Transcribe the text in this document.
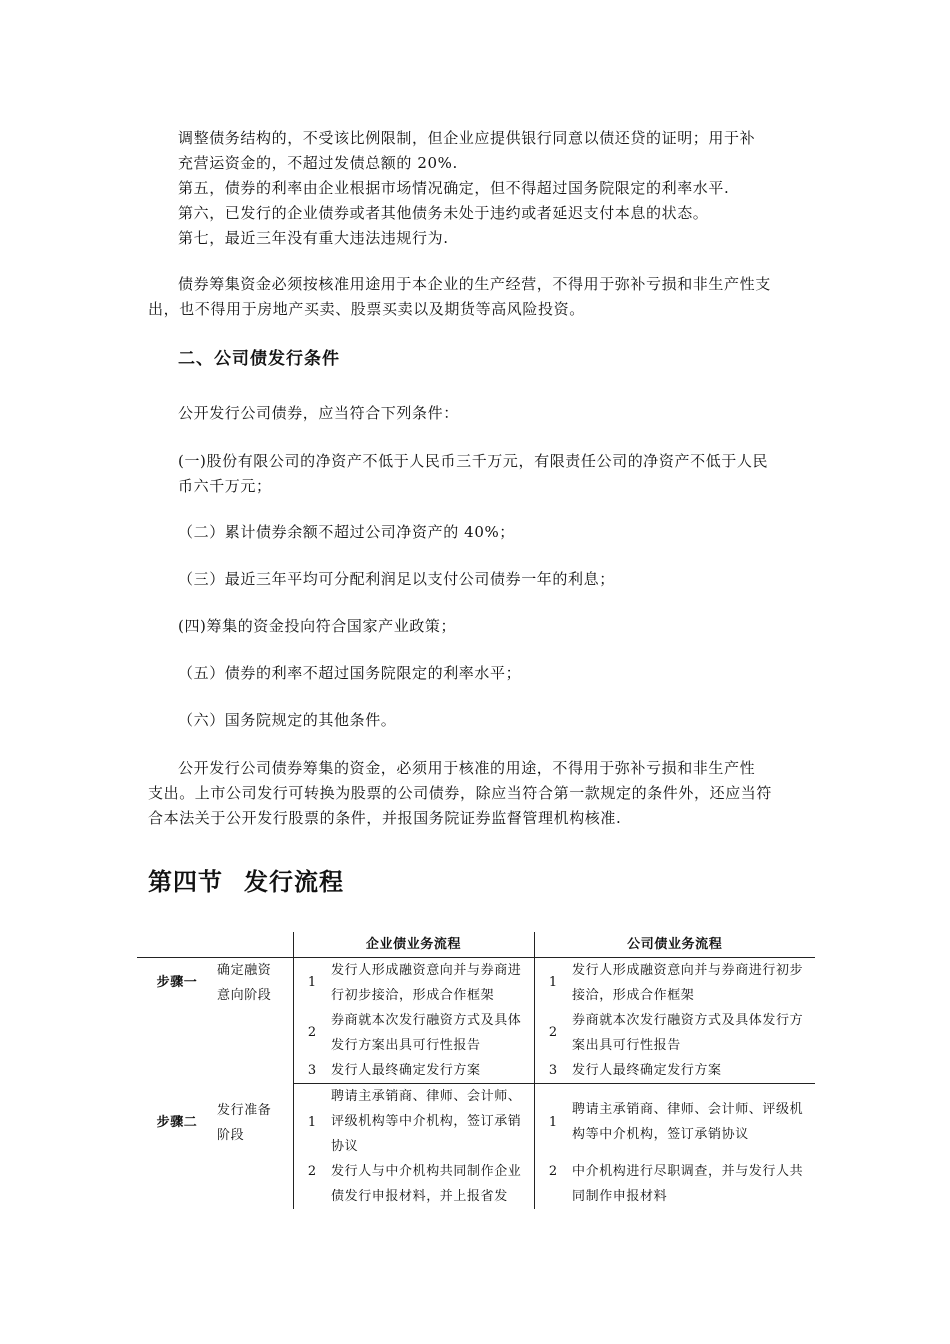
调整债务结构的，不受该比例限制，但企业应提供银行同意以债还贷的证明；用于补
充营运资金的，不超过发债总额的 20%.
第五，债券的利率由企业根据市场情况确定，但不得超过国务院限定的利率水平.
第六，已发行的企业债券或者其他债务未处于违约或者延迟支付本息的状态。
第七，最近三年没有重大违法违规行为.
债券筹集资金必须按核准用途用于本企业的生产经营，不得用于弥补亏损和非生产性支
出，也不得用于房地产买卖、股票买卖以及期货等高风险投资。
二、公司债发行条件
公开发行公司债券，应当符合下列条件：
(一)股份有限公司的净资产不低于人民币三千万元，有限责任公司的净资产不低于人民
币六千万元；
（二）累计债券余额不超过公司净资产的 40%；
（三）最近三年平均可分配利润足以支付公司债券一年的利息；
(四)筹集的资金投向符合国家产业政策；
（五）债券的利率不超过国务院限定的利率水平；
（六）国务院规定的其他条件。
公开发行公司债券筹集的资金，必须用于核准的用途，不得用于弥补亏损和非生产性
支出。上市公司发行可转换为股票的公司债券，除应当符合第一款规定的条件外，还应当符
合本法关于公开发行股票的条件，并报国务院证券监督管理机构核准.
第四节 发行流程
		企业债业务流程		公司债业务流程	
步骤一	确定融资意向阶段	1	发行人形成融资意向并与券商进行初步接洽，形成合作框架	1	发行人形成融资意向并与券商进行初步接洽，形成合作框架
		2	券商就本次发行融资方式及具体发行方案出具可行性报告	2	券商就本次发行融资方式及具体发行方案出具可行性报告
		3	发行人最终确定发行方案	3	发行人最终确定发行方案
步骤二	发行准备阶段	1	聘请主承销商、律师、会计师、评级机构等中介机构，签订承销协议	1	聘请主承销商、律师、会计师、评级机构等中介机构，签订承销协议
		2	发行人与中介机构共同制作企业债发行申报材料，并上报省发	2	中介机构进行尽职调查，并与发行人共同制作申报材料
